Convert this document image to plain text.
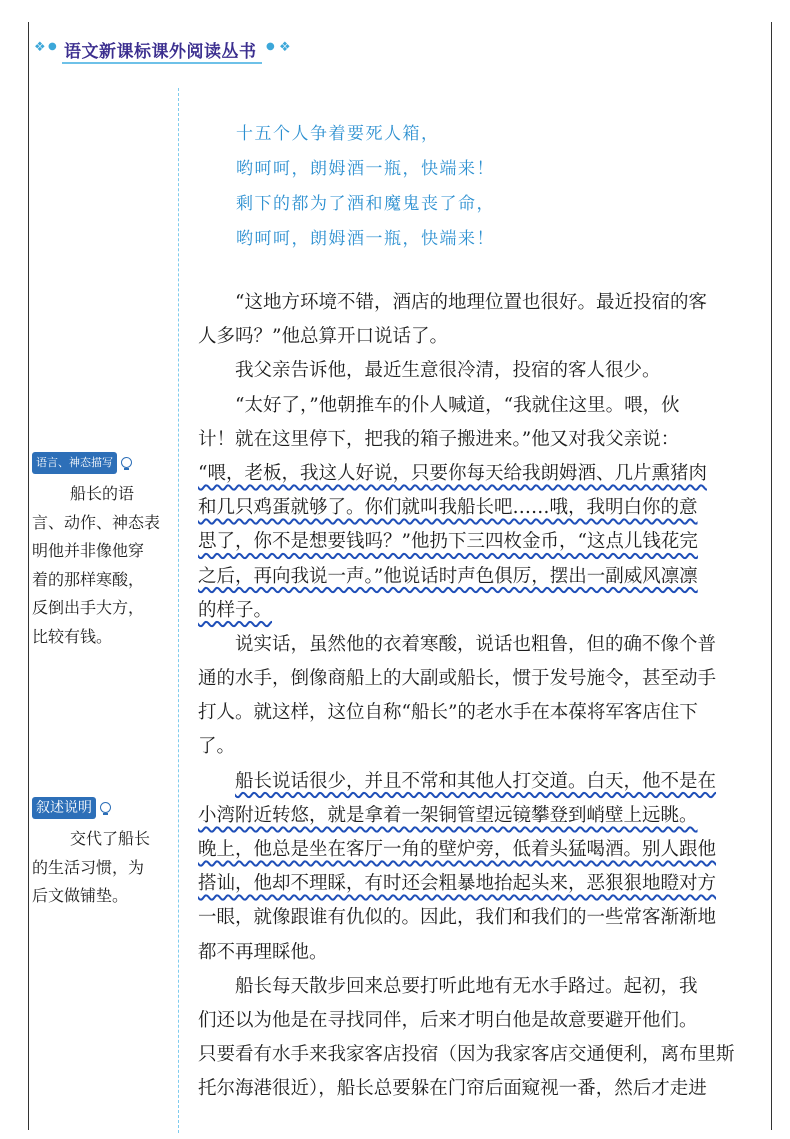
❖ ● 语文新课标课外阅读丛书 ● ❖
十五个人争着要死人箱，
哟呵呵，朗姆酒一瓶，快端来！
剩下的都为了酒和魔鬼丧了命，
哟呵呵，朗姆酒一瓶，快端来！
语言、神态描写
船长的语
言、动作、神态表
明他并非像他穿
着的那样寒酸，
反倒出手大方，
比较有钱。
叙述说明
交代了船长
的生活习惯，为
后文做铺垫。
“这地方环境不错，酒店的地理位置也很好。最近投宿的客
人多吗？”他总算开口说话了。
我父亲告诉他，最近生意很冷清，投宿的客人很少。
“太好了，”他朝推车的仆人喊道，“我就住这里。喂，伙
计！就在这里停下，把我的箱子搬进来。”他又对我父亲说：
“喂，老板，我这人好说，只要你每天给我朗姆酒、几片熏猪肉
和几只鸡蛋就够了。你们就叫我船长吧……哦，我明白你的意
思了，你不是想要钱吗？”他扔下三四枚金币，“这点儿钱花完
之后，再向我说一声。”他说话时声色俱厉，摆出一副威风凛凛
的样子。
说实话，虽然他的衣着寒酸，说话也粗鲁，但的确不像个普
通的水手，倒像商船上的大副或船长，惯于发号施令，甚至动手
打人。就这样，这位自称“船长”的老水手在本葆将军客店住下
了。
船长说话很少，并且不常和其他人打交道。白天，他不是在
小湾附近转悠，就是拿着一架铜管望远镜攀登到峭壁上远眺。
晚上，他总是坐在客厅一角的壁炉旁，低着头猛喝酒。别人跟他
搭讪，他却不理睬，有时还会粗暴地抬起头来，恶狠狠地瞪对方
一眼，就像跟谁有仇似的。因此，我们和我们的一些常客渐渐地
都不再理睬他。
船长每天散步回来总要打听此地有无水手路过。起初，我
们还以为他是在寻找同伴，后来才明白他是故意要避开他们。
只要看有水手来我家客店投宿（因为我家客店交通便利，离布里斯
托尔海港很近），船长总要躲在门帘后面窥视一番，然后才走进
